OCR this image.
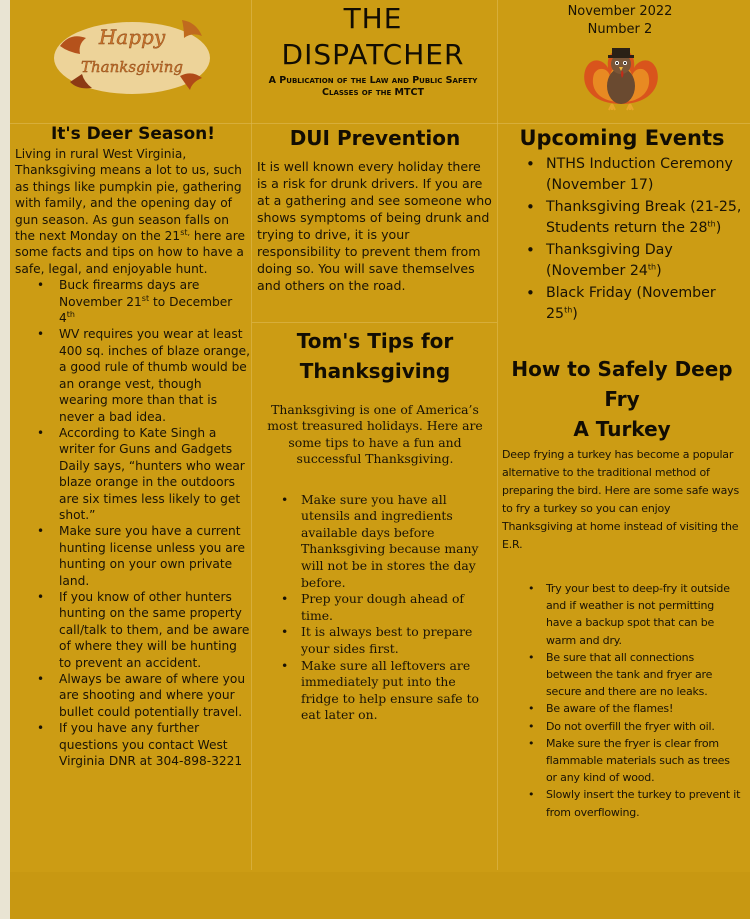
Thanksgiving
Happy
THE
DISPATCHER
A Publication of the Law and Public Safety Classes of the MTCT
November 2022
Number 2
It's Deer Season!

Living in rural West Virginia, Thanksgiving means a lot to us, such as things like pumpkin pie, gathering with family, and the opening day of gun season. As gun season falls on the next Monday on the $21^{st,}$ here are some facts and tips on how to have a safe, legal, and enjoyable hunt.

• Buck firearms days are November 21st to December 4th
• WV requires you wear at least 400 sq. inches of blaze orange, a good rule of thumb would be an orange vest, though wearing more than that is never a bad idea.
• According to Kate Singh a writer for Guns and Gadgets Daily says, “hunters who wear blaze orange in the outdoors are six times less likely to get shot.”
• Make sure you have a current hunting license unless you are hunting on your own private land.
• If you know of other hunters hunting on the same property call/talk to them, and be aware of where they will be hunting to prevent an accident.
• Always be aware of where you are shooting and where your bullet could potentially travel.
• If you have any further questions you contact West Virginia DNR at 304-898-3221
DUI Prevention

It is well known every holiday there is a risk for drunk drivers. If you are at a gathering and see someone who shows symptoms of being drunk and trying to drive, it is your responsibility to prevent them from doing so. You will save themselves and others on the road.

Tom's Tips for
Thanksgiving

Thanksgiving is one of America’s most treasured holidays. Here are some tips to have a fun and successful Thanksgiving.

• Make sure you have all utensils and ingredients available days before Thanksgiving because many will not be in stores the day before.
• Prep your dough ahead of time.
• It is always best to prepare your sides first.
• Make sure all leftovers are immediately put into the fridge to help ensure safe to eat later on.
Upcoming Events
• NTHS Induction Ceremony (November 17)
• Thanksgiving Break (21-25, Students return the 28th)
• Thanksgiving Day (November 24th)
• Black Friday (November 25th)
How to Safely Deep Fry
A Turkey

Deep frying a turkey has become a popular alternative to the traditional method of preparing the bird. Here are some safe ways to fry a turkey so you can enjoy Thanksgiving at home instead of visiting the E.R.

• Try your best to deep-fry it outside and if weather is not permitting have a backup spot that can be warm and dry.
• Be sure that all connections between the tank and fryer are secure and there are no leaks.
• Be aware of the flames!
• Do not overfill the fryer with oil.
• Make sure the fryer is clear from flammable materials such as trees or any kind of wood.
• Slowly insert the turkey to prevent it from overflowing.
